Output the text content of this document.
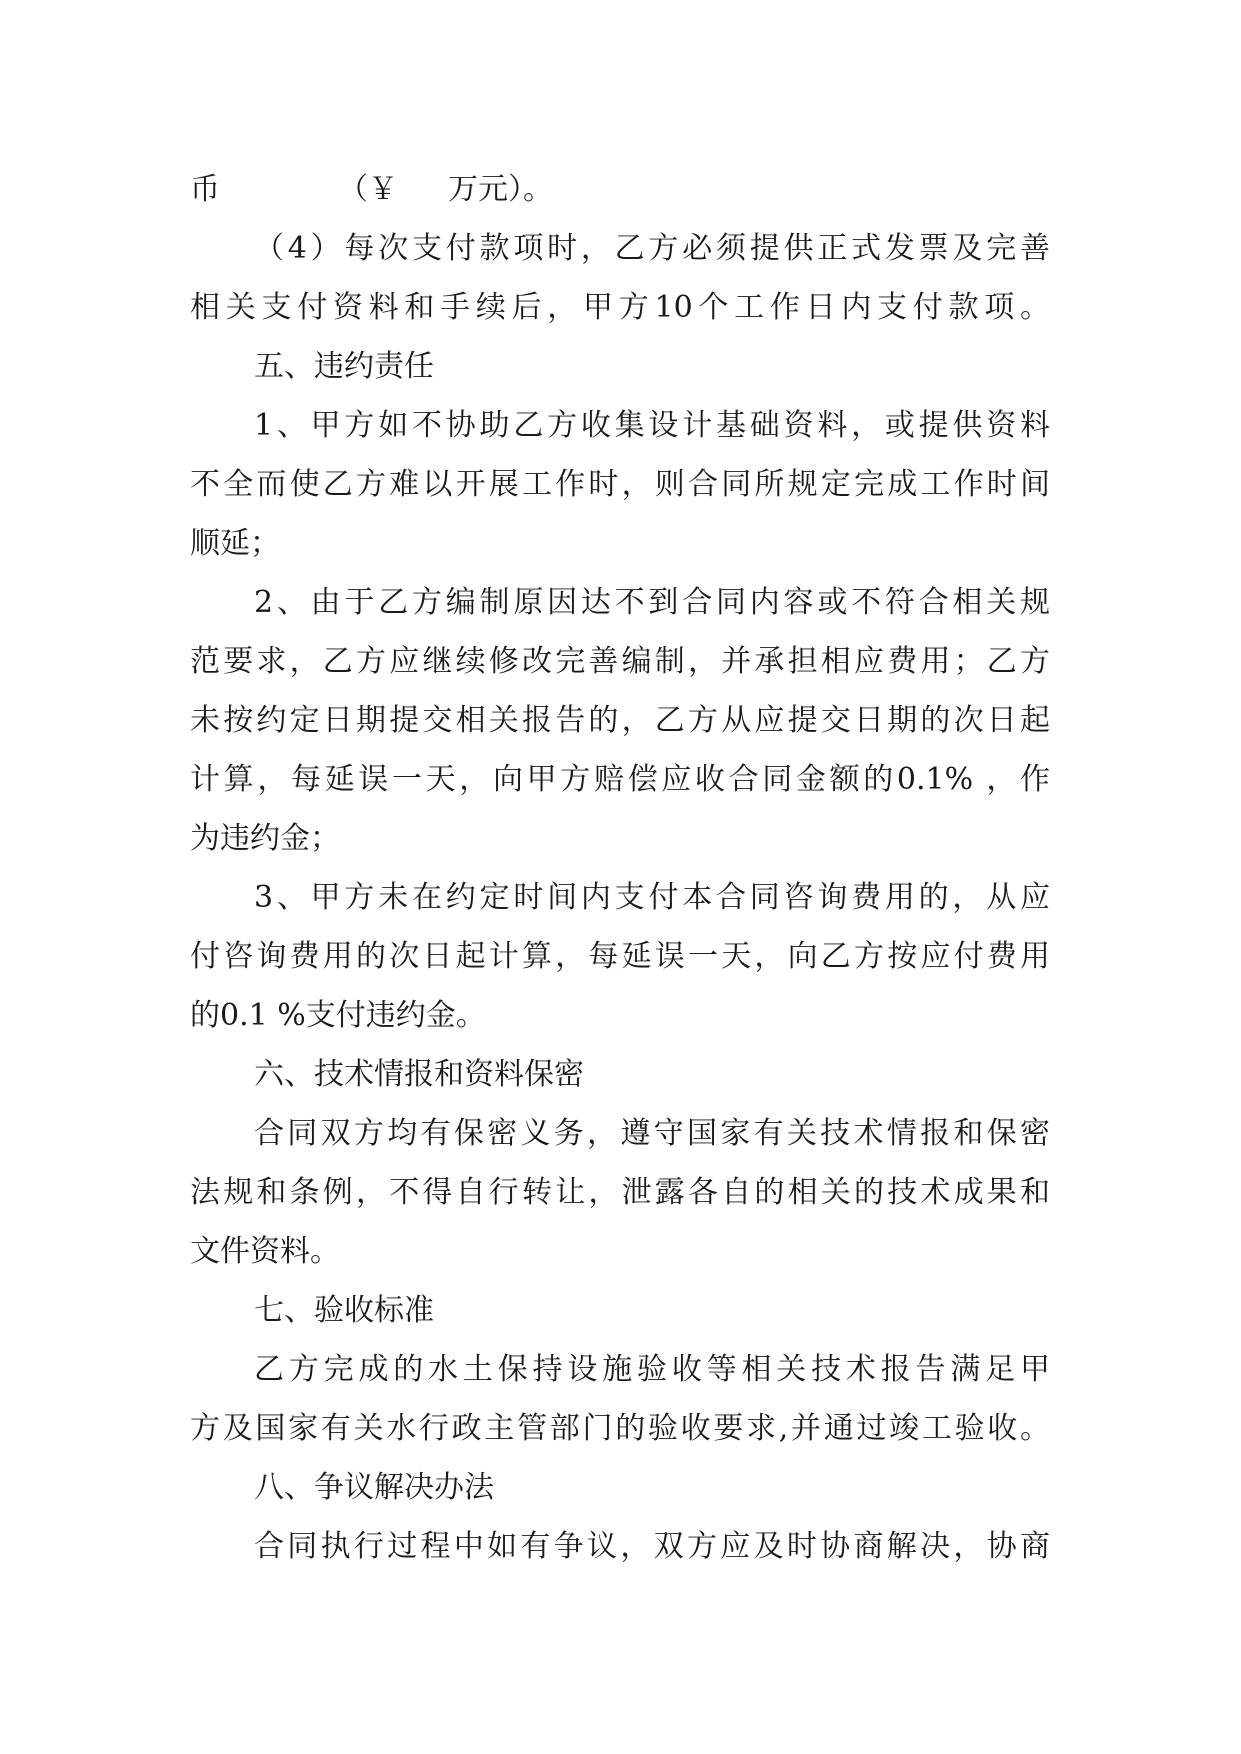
币	（￥ 万元）。
（4）每次支付款项时，乙方必须提供正式发票及完善
相关支付资料和手续后，甲方10个工作日内支付款项。
五、违约责任
1、甲方如不协助乙方收集设计基础资料，或提供资料
不全而使乙方难以开展工作时，则合同所规定完成工作时间
顺延；
2、由于乙方编制原因达不到合同内容或不符合相关规
范要求，乙方应继续修改完善编制，并承担相应费用；乙方
未按约定日期提交相关报告的，乙方从应提交日期的次日起
计算，每延误一天，向甲方赔偿应收合同金额的0.1% ，作
为违约金；
3、甲方未在约定时间内支付本合同咨询费用的，从应
付咨询费用的次日起计算，每延误一天，向乙方按应付费用
的0.1 %支付违约金。
六、技术情报和资料保密
合同双方均有保密义务，遵守国家有关技术情报和保密
法规和条例，不得自行转让，泄露各自的相关的技术成果和
文件资料。
七、验收标准
乙方完成的水土保持设施验收等相关技术报告满足甲
方及国家有关水行政主管部门的验收要求,并通过竣工验收。
八、争议解决办法
合同执行过程中如有争议，双方应及时协商解决，协商
